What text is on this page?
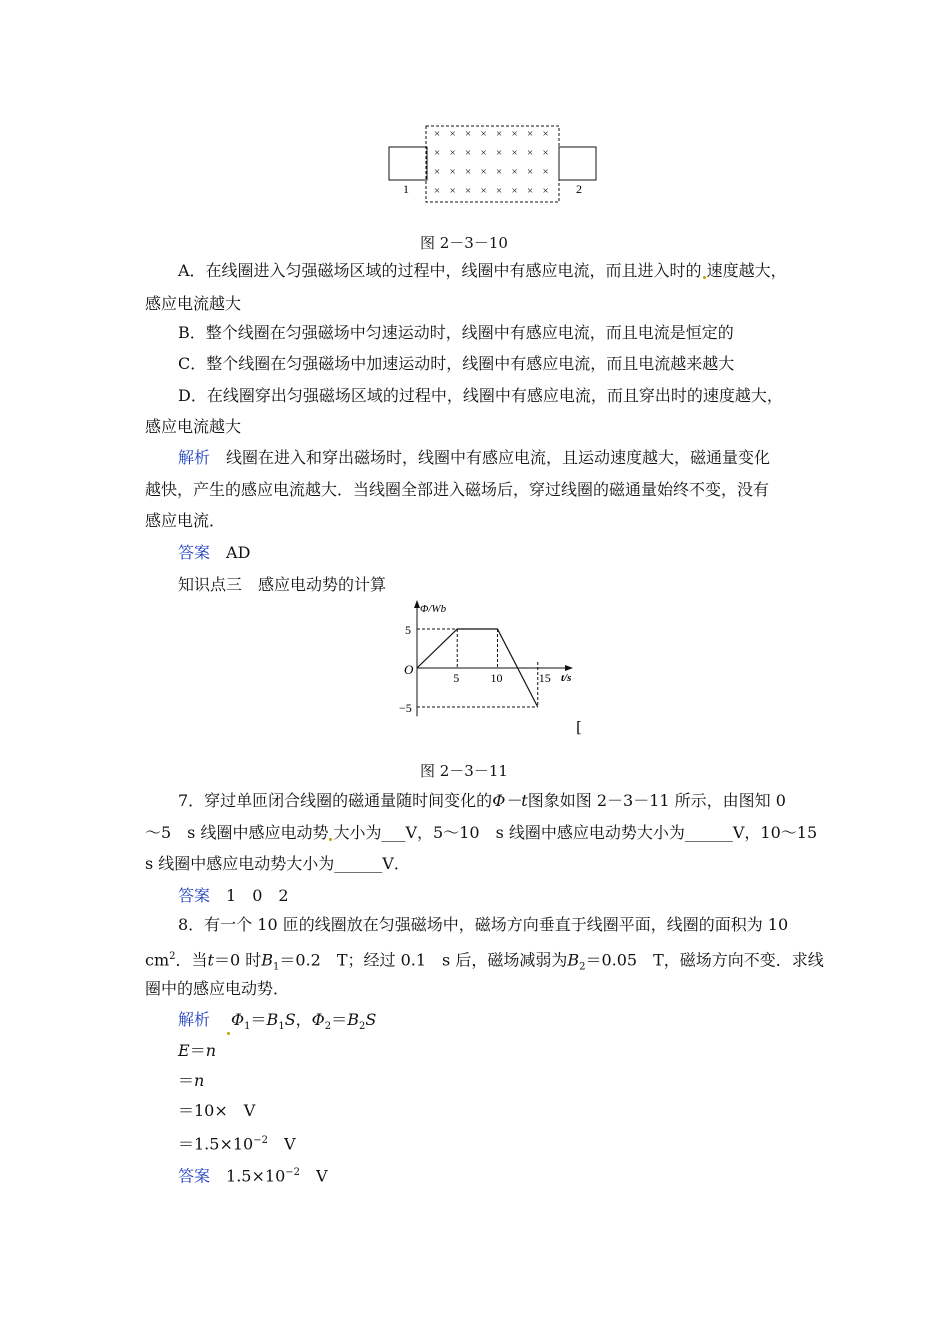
× × × × × × × ×
× × × × × × × ×
× × × × × × × ×
× × × × × × × ×
1	2
图 2－3－10
A．在线圈进入匀强磁场区域的过程中，线圈中有感应电流，而且进入时的 速度越大，
感应电流越大
B．整个线圈在匀强磁场中匀速运动时，线圈中有感应电流，而且电流是恒定的
C．整个线圈在匀强磁场中加速运动时，线圈中有感应电流，而且电流越来越大
D．在线圈穿出匀强磁场区域的过程中，线圈中有感应电流，而且穿出时的速度越大，
感应电流越大
解析　 线圈在进入和穿出磁场时，线圈中有感应电流，且运动速度越大，磁通量变化
越快，产生的感应电流越大．当线圈全部进入磁场后，穿过线圈的磁通量始终不变，没有
感应电流．
答案　 AD
知识点三　感应电动势的计算
5
−5
5	10	15
O
Φ/Wb
t/s
[
图 2－3－11
7．穿过单匝闭合线圈的磁通量随时间变化的Φ－t图象如图 2－3－11 所示，由图知 0
～5　s 线圈中感应电动势 大小为___V，5～10　s 线圈中感应电动势大小为______V，10～15
s 线圈中感应电动势大小为______V．
答案　 1　0　2
8．有一个 10 匝的线圈放在匀强磁场中，磁场方向垂直于线圈平面，线圈的面积为 10
$cm^2$．当t＝0 时$B_1=0.2$　T；经过 0.1　s 后，磁场减弱为$B_2=0.05$　T，磁场方向不变．求线
圈中的感应电动势．
解析　 $\Phi_1=B_1S$，$\Phi_2=B_2S$
E＝n
＝n
＝10×　V
$=1.5\times 10^{-2}$　V
答案　 $1.5\times 10^{-2}$　V
